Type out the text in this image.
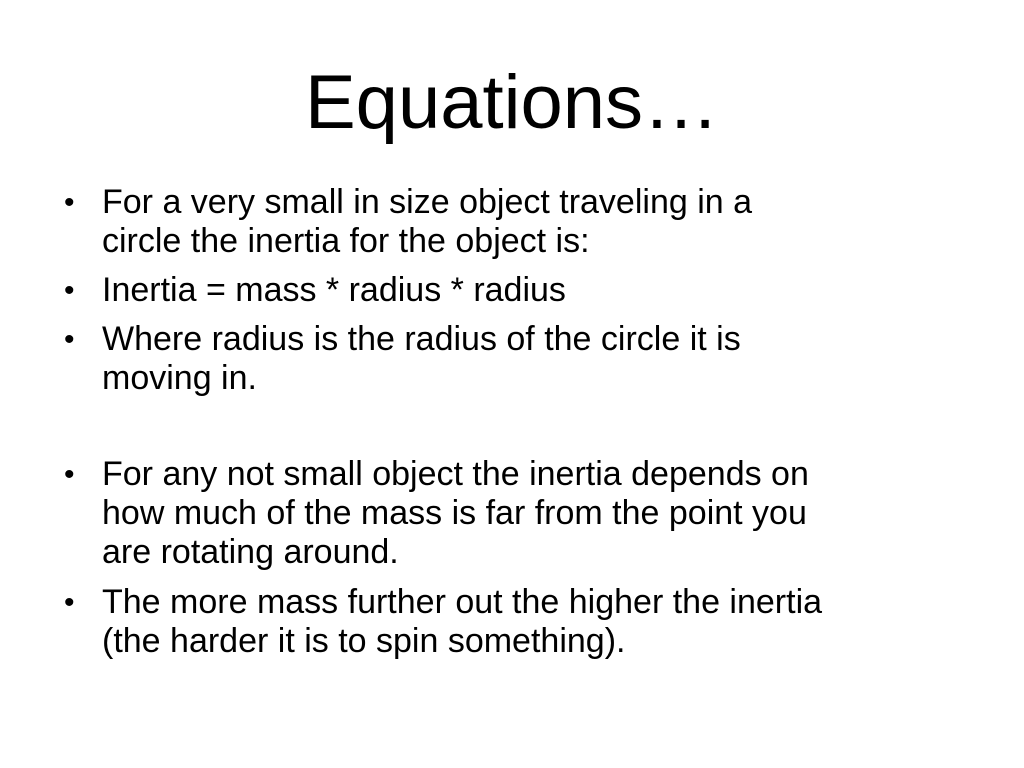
Equations…
• For a very small in size object traveling in a
circle the inertia for the object is:
• Inertia = mass * radius * radius
• Where radius is the radius of the circle it is
moving in.
• For any not small object the inertia depends on
how much of the mass is far from the point you
are rotating around.
• The more mass further out the higher the inertia
(the harder it is to spin something).
